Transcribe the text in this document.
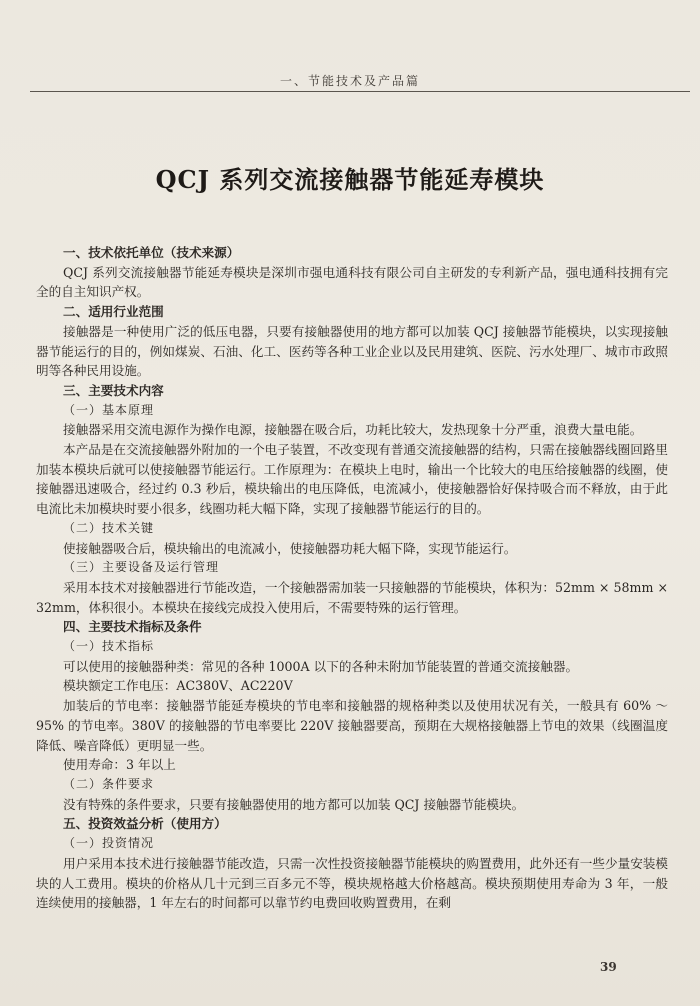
一、节能技术及产品篇
QCJ 系列交流接触器节能延寿模块

一、技术依托单位（技术来源）

QCJ 系列交流接触器节能延寿模块是深圳市强电通科技有限公司自主研发的专利新产品，强电通科技拥有完全的自主知识产权。

二、适用行业范围

接触器是一种使用广泛的低压电器，只要有接触器使用的地方都可以加装 QCJ 接触器节能模块，以实现接触器节能运行的目的，例如煤炭、石油、化工、医药等各种工业企业以及民用建筑、医院、污水处理厂、城市市政照明等各种民用设施。

三、主要技术内容

（一）基本原理

接触器采用交流电源作为操作电源，接触器在吸合后，功耗比较大，发热现象十分严重，浪费大量电能。

本产品是在交流接触器外附加的一个电子装置，不改变现有普通交流接触器的结构，只需在接触器线圈回路里加装本模块后就可以使接触器节能运行。工作原理为：在模块上电时，输出一个比较大的电压给接触器的线圈，使接触器迅速吸合，经过约 0.3 秒后，模块输出的电压降低，电流减小，使接触器恰好保持吸合而不释放，由于此电流比未加模块时要小很多，线圈功耗大幅下降，实现了接触器节能运行的目的。

（二）技术关键

使接触器吸合后，模块输出的电流减小，使接触器功耗大幅下降，实现节能运行。

（三）主要设备及运行管理

采用本技术对接触器进行节能改造，一个接触器需加装一只接触器的节能模块，体积为：52mm × 58mm × 32mm，体积很小。本模块在接线完成投入使用后，不需要特殊的运行管理。

四、主要技术指标及条件

（一）技术指标

可以使用的接触器种类：常见的各种 1000A 以下的各种未附加节能装置的普通交流接触器。

模块额定工作电压：AC380V、AC220V

加装后的节电率：接触器节能延寿模块的节电率和接触器的规格种类以及使用状况有关，一般具有 60% ～95% 的节电率。380V 的接触器的节电率要比 220V 接触器要高，预期在大规格接触器上节电的效果（线圈温度降低、噪音降低）更明显一些。

使用寿命：3 年以上

（二）条件要求

没有特殊的条件要求，只要有接触器使用的地方都可以加装 QCJ 接触器节能模块。

五、投资效益分析（使用方）

（一）投资情况

用户采用本技术进行接触器节能改造，只需一次性投资接触器节能模块的购置费用，此外还有一些少量安装模块的人工费用。模块的价格从几十元到三百多元不等，模块规格越大价格越高。模块预期使用寿命为 3 年，一般连续使用的接触器，1 年左右的时间都可以靠节约电费回收购置费用，在剩

39
